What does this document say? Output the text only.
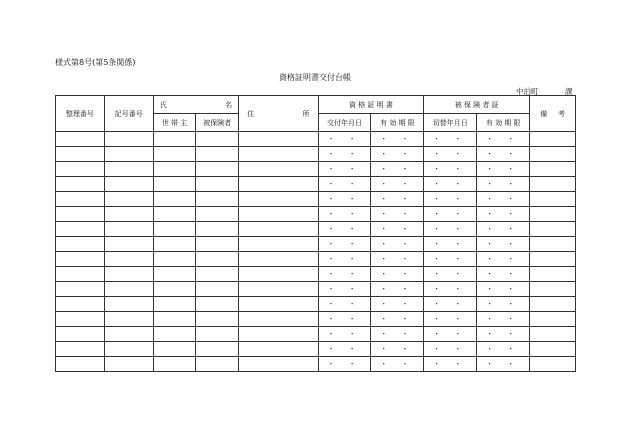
様式第8号(第5条関係)
資格証明書交付台帳
中泊町	課
整理番号	記号番号	氏 名		住 所	資 格 証 明 書		被 保 険 者 証		備 考

		世 帯 主	被保険者		交付年月日	有 効 期 限	切替年月日	有 効 期 限	
					・ ・	・ ・	・ ・	・ ・	
					・ ・	・ ・	・ ・	・ ・	
					・ ・	・ ・	・ ・	・ ・	
					・ ・	・ ・	・ ・	・ ・	
					・ ・	・ ・	・ ・	・ ・	
					・ ・	・ ・	・ ・	・ ・	
					・ ・	・ ・	・ ・	・ ・	
					・ ・	・ ・	・ ・	・ ・	
					・ ・	・ ・	・ ・	・ ・	
					・ ・	・ ・	・ ・	・ ・	
					・ ・	・ ・	・ ・	・ ・	
					・ ・	・ ・	・ ・	・ ・	
					・ ・	・ ・	・ ・	・ ・	
					・ ・	・ ・	・ ・	・ ・	
					・ ・	・ ・	・ ・	・ ・	
					・ ・	・ ・	・ ・	・ ・	
